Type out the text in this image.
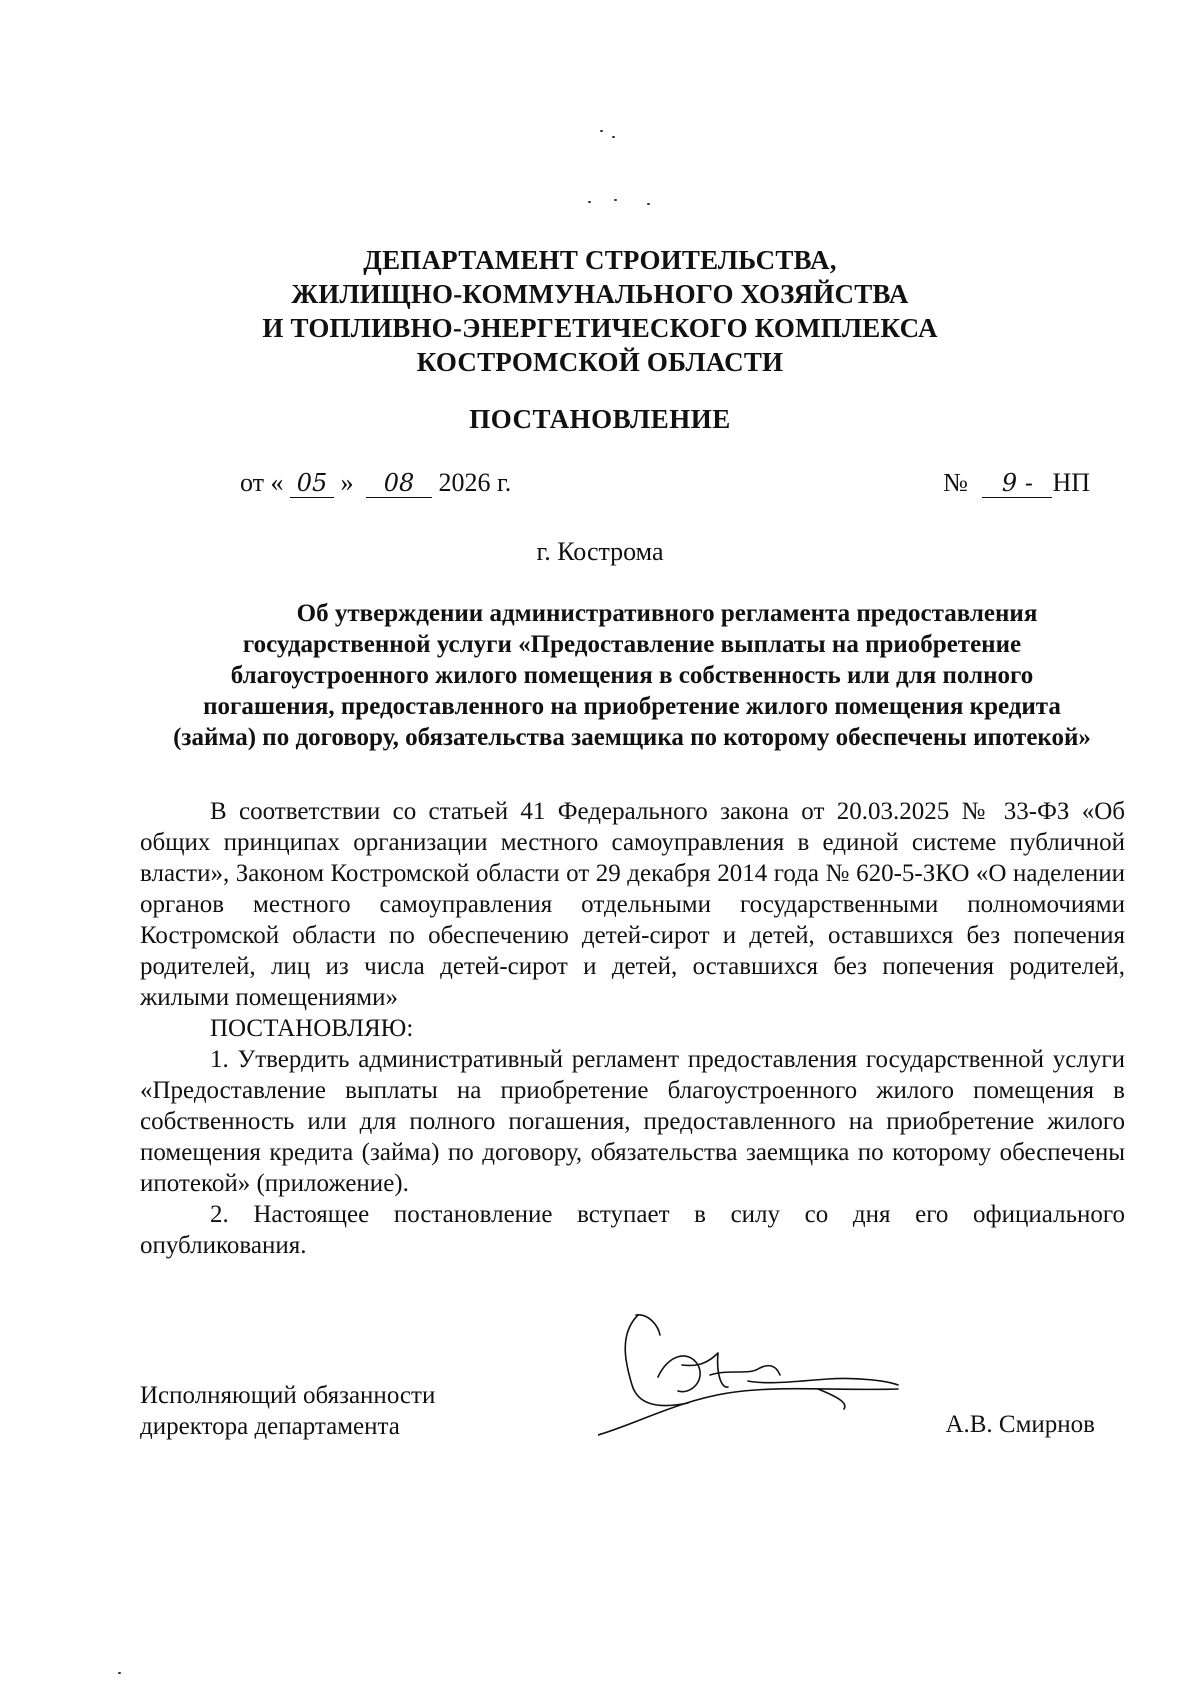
ДЕПАРТАМЕНТ СТРОИТЕЛЬСТВА,
ЖИЛИЩНО-КОММУНАЛЬНОГО ХОЗЯЙСТВА
И ТОПЛИВНО-ЭНЕРГЕТИЧЕСКОГО КОМПЛЕКСА
КОСТРОМСКОЙ ОБЛАСТИ
ПОСТАНОВЛЕНИЕ
от « 05 » 08 2026 г.	№ 9 - НП
г. Кострома
Об утверждении административного регламента предоставления
государственной услуги «Предоставление выплаты на приобретение
благоустроенного жилого помещения в собственность или для полного
погашения, предоставленного на приобретение жилого помещения кредита
(займа) по договору, обязательства заемщика по которому обеспечены ипотекой»

В соответствии со статьей 41 Федерального закона от 20.03.2025 № 33-ФЗ «Об общих принципах организации местного самоуправления в единой системе публичной власти», Законом Костромской области от 29 декабря 2014 года № 620-5-ЗКО «О наделении органов местного самоуправления отдельными государственными полномочиями Костромской области по обеспечению детей-сирот и детей, оставшихся без попечения родителей, лиц из числа детей-сирот и детей, оставшихся без попечения родителей, жилыми помещениями»

ПОСТАНОВЛЯЮ:

1. Утвердить административный регламент предоставления государственной услуги «Предоставление выплаты на приобретение благоустроенного жилого помещения в собственность или для полного погашения, предоставленного на приобретение жилого помещения кредита (займа) по договору, обязательства заемщика по которому обеспечены ипотекой» (приложение).

2. Настоящее постановление вступает в силу со дня его официального опубликования.

Исполняющий обязанности
директора департамента	А.В. Смирнов
